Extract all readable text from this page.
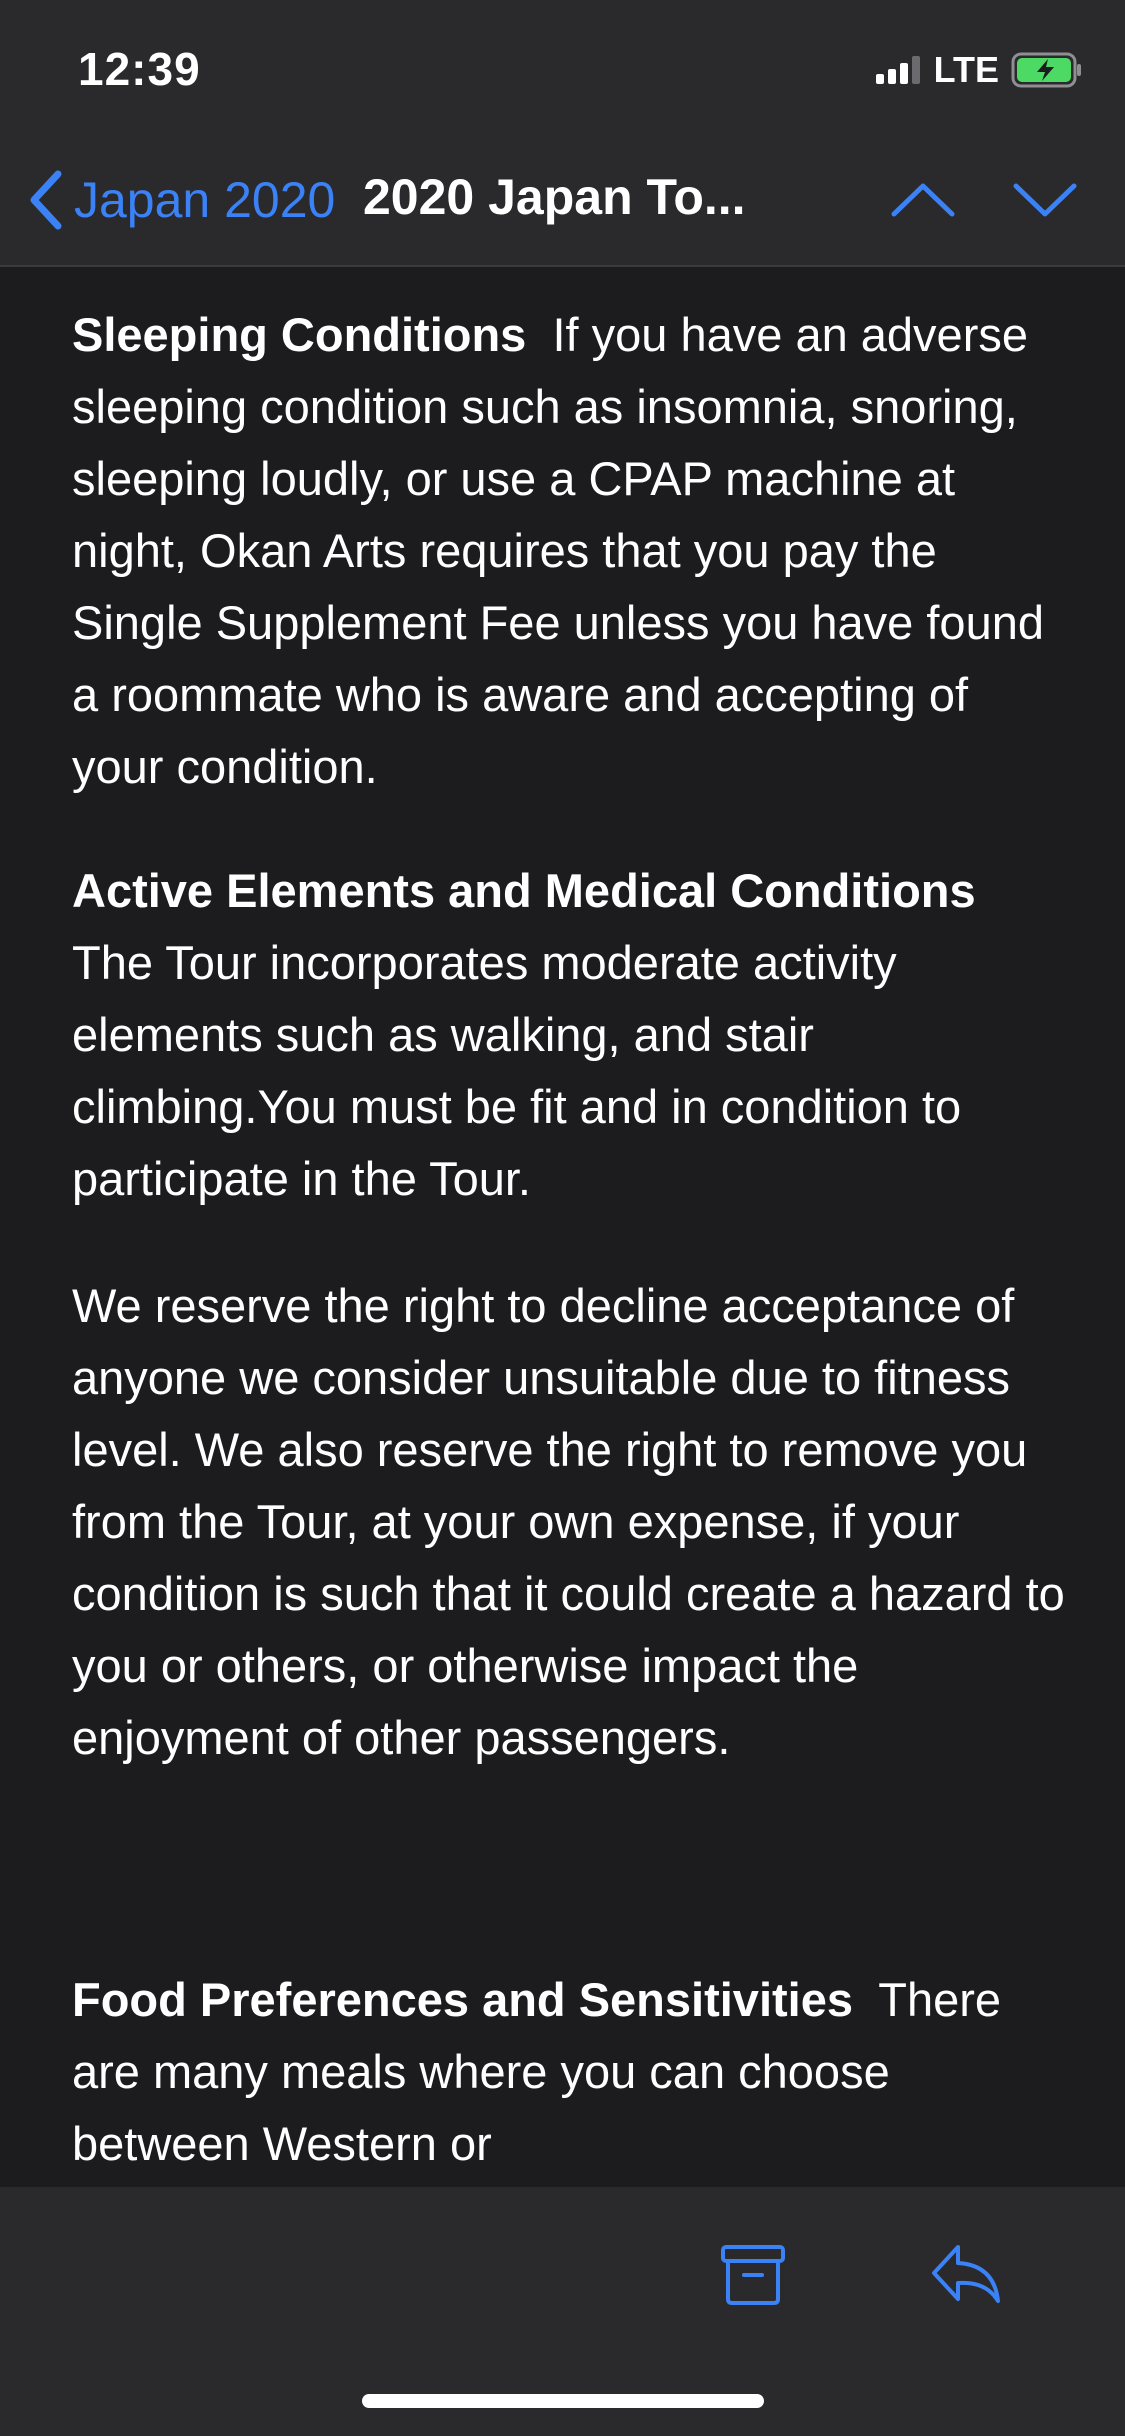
12:39	LTE
Japan 2020 2020 Japan To...

Sleeping Conditions If you have an adverse sleeping condition such as insomnia, snoring, sleeping loudly, or use a CPAP machine at night, Okan Arts requires that you pay the Single Supplement Fee unless you have found a roommate who is aware and accepting of your condition.

Active Elements and Medical Conditions  The Tour incorporates moderate activity elements such as walking, and stair climbing.You must be fit and in condition to participate in the Tour.

We reserve the right to decline acceptance of anyone we consider unsuitable due to fitness level. We also reserve the right to remove you from the Tour, at your own expense, if your condition is such that it could create a hazard to you or others, or otherwise impact the enjoyment of other passengers.

Food Preferences and Sensitivities There are many meals where you can choose between Western or
